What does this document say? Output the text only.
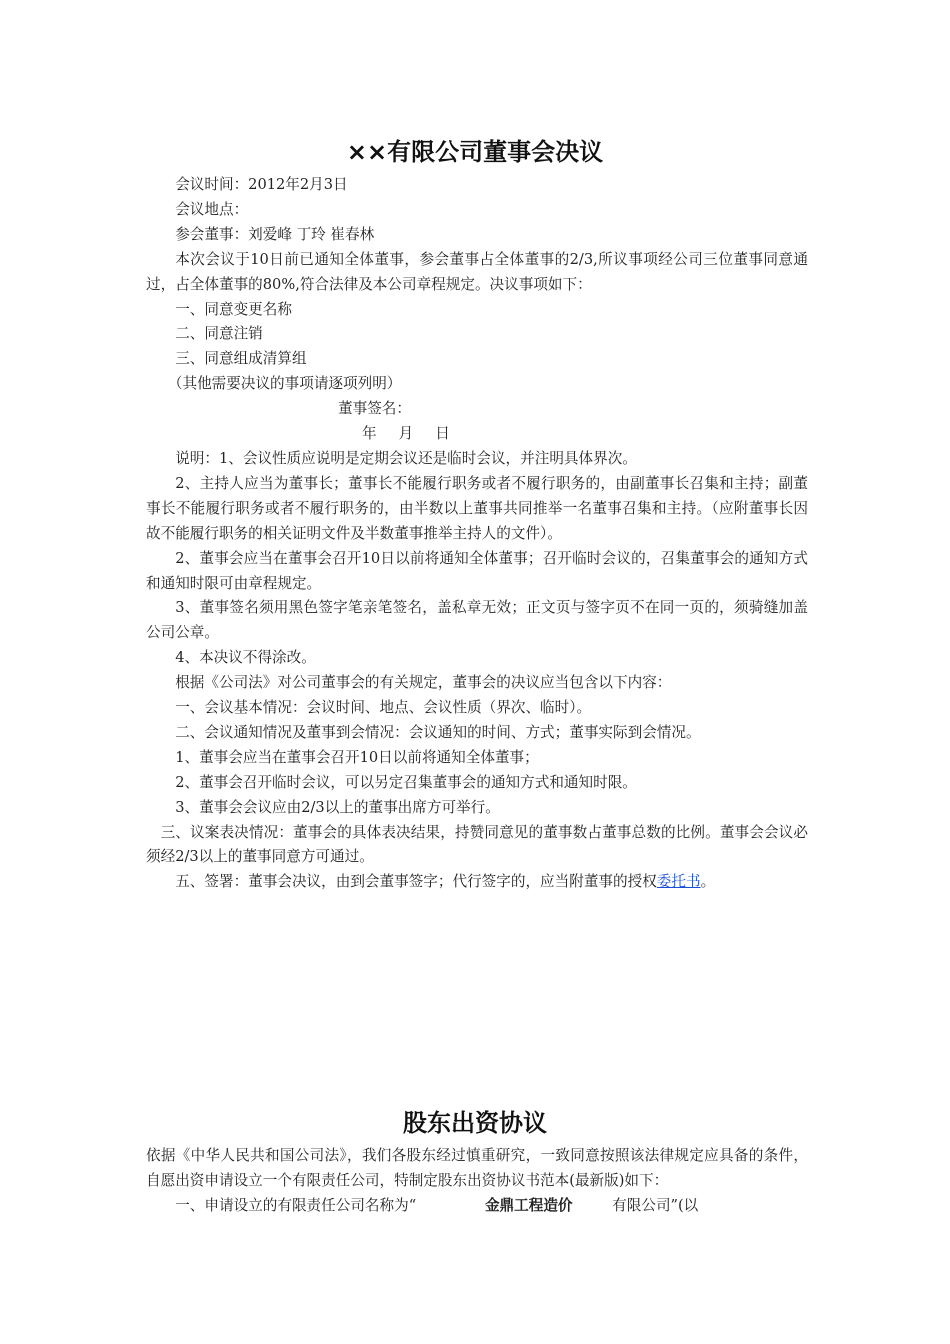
××有限公司董事会决议

会议时间：2012年2月3日

会议地点：

参会董事：刘爱峰 丁玲 崔春林

本次会议于10日前已通知全体董事，参会董事占全体董事的2/3,所议事项经公司三位董事同意通过，占全体董事的80%,符合法律及本公司章程规定。决议事项如下：

一、同意变更名称

二、同意注销

三、同意组成清算组

（其他需要决议的事项请逐项列明）

董事签名：

年 月 日

说明：1、会议性质应说明是定期会议还是临时会议，并注明具体界次。

2、主持人应当为董事长；董事长不能履行职务或者不履行职务的，由副董事长召集和主持；副董事长不能履行职务或者不履行职务的，由半数以上董事共同推举一名董事召集和主持。（应附董事长因故不能履行职务的相关证明文件及半数董事推举主持人的文件）。

2、董事会应当在董事会召开10日以前将通知全体董事；召开临时会议的，召集董事会的通知方式和通知时限可由章程规定。

3、董事签名须用黑色签字笔亲笔签名，盖私章无效；正文页与签字页不在同一页的，须骑缝加盖公司公章。

4、本决议不得涂改。

根据《公司法》对公司董事会的有关规定，董事会的决议应当包含以下内容：

一、会议基本情况：会议时间、地点、会议性质（界次、临时）。

二、会议通知情况及董事到会情况：会议通知的时间、方式；董事实际到会情况。

1、董事会应当在董事会召开10日以前将通知全体董事；

2、董事会召开临时会议，可以另定召集董事会的通知方式和通知时限。

3、董事会会议应由2/3以上的董事出席方可举行。

三、议案表决情况：董事会的具体表决结果，持赞同意见的董事数占董事总数的比例。董事会会议必须经2/3以上的董事同意方可通过。

五、签署：董事会决议，由到会董事签字；代行签字的，应当附董事的授权委托书。

股东出资协议

依据《中华人民共和国公司法》，我们各股东经过慎重研究，一致同意按照该法律规定应具备的条件，自愿出资申请设立一个有限责任公司，特制定股东出资协议书范本(最新版)如下：

一、申请设立的有限责任公司名称为“	金鼎工程造价	有限公司”(以
